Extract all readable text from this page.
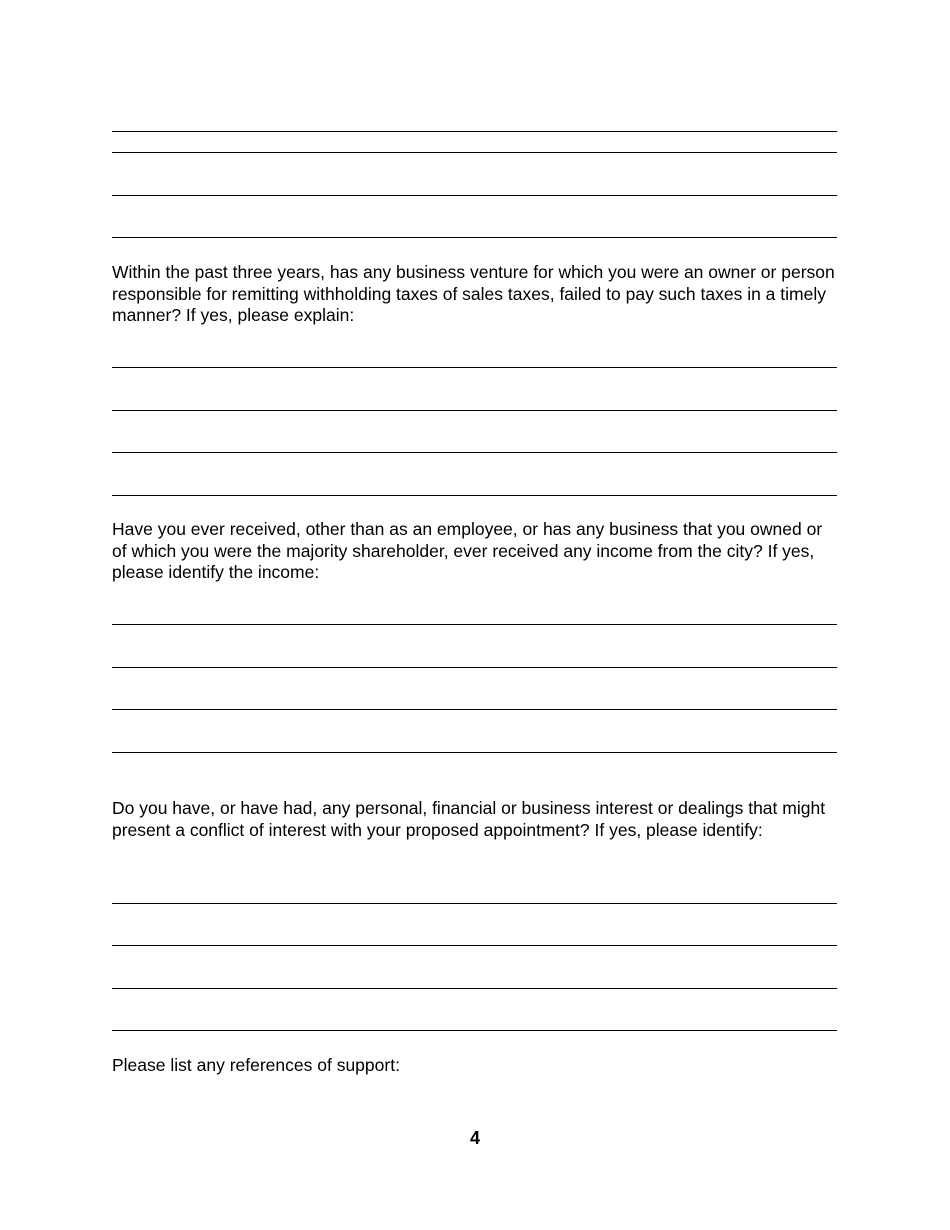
Within the past three years, has any business venture for which you were an owner or person responsible for remitting withholding taxes of sales taxes, failed to pay such taxes in a timely manner? If yes, please explain:

Have you ever received, other than as an employee, or has any business that you owned or of which you were the majority shareholder, ever received any income from the city? If yes, please identify the income:

Do you have, or have had, any personal, financial or business interest or dealings that might present a conflict of interest with your proposed appointment? If yes, please identify:

Please list any references of support:

4
